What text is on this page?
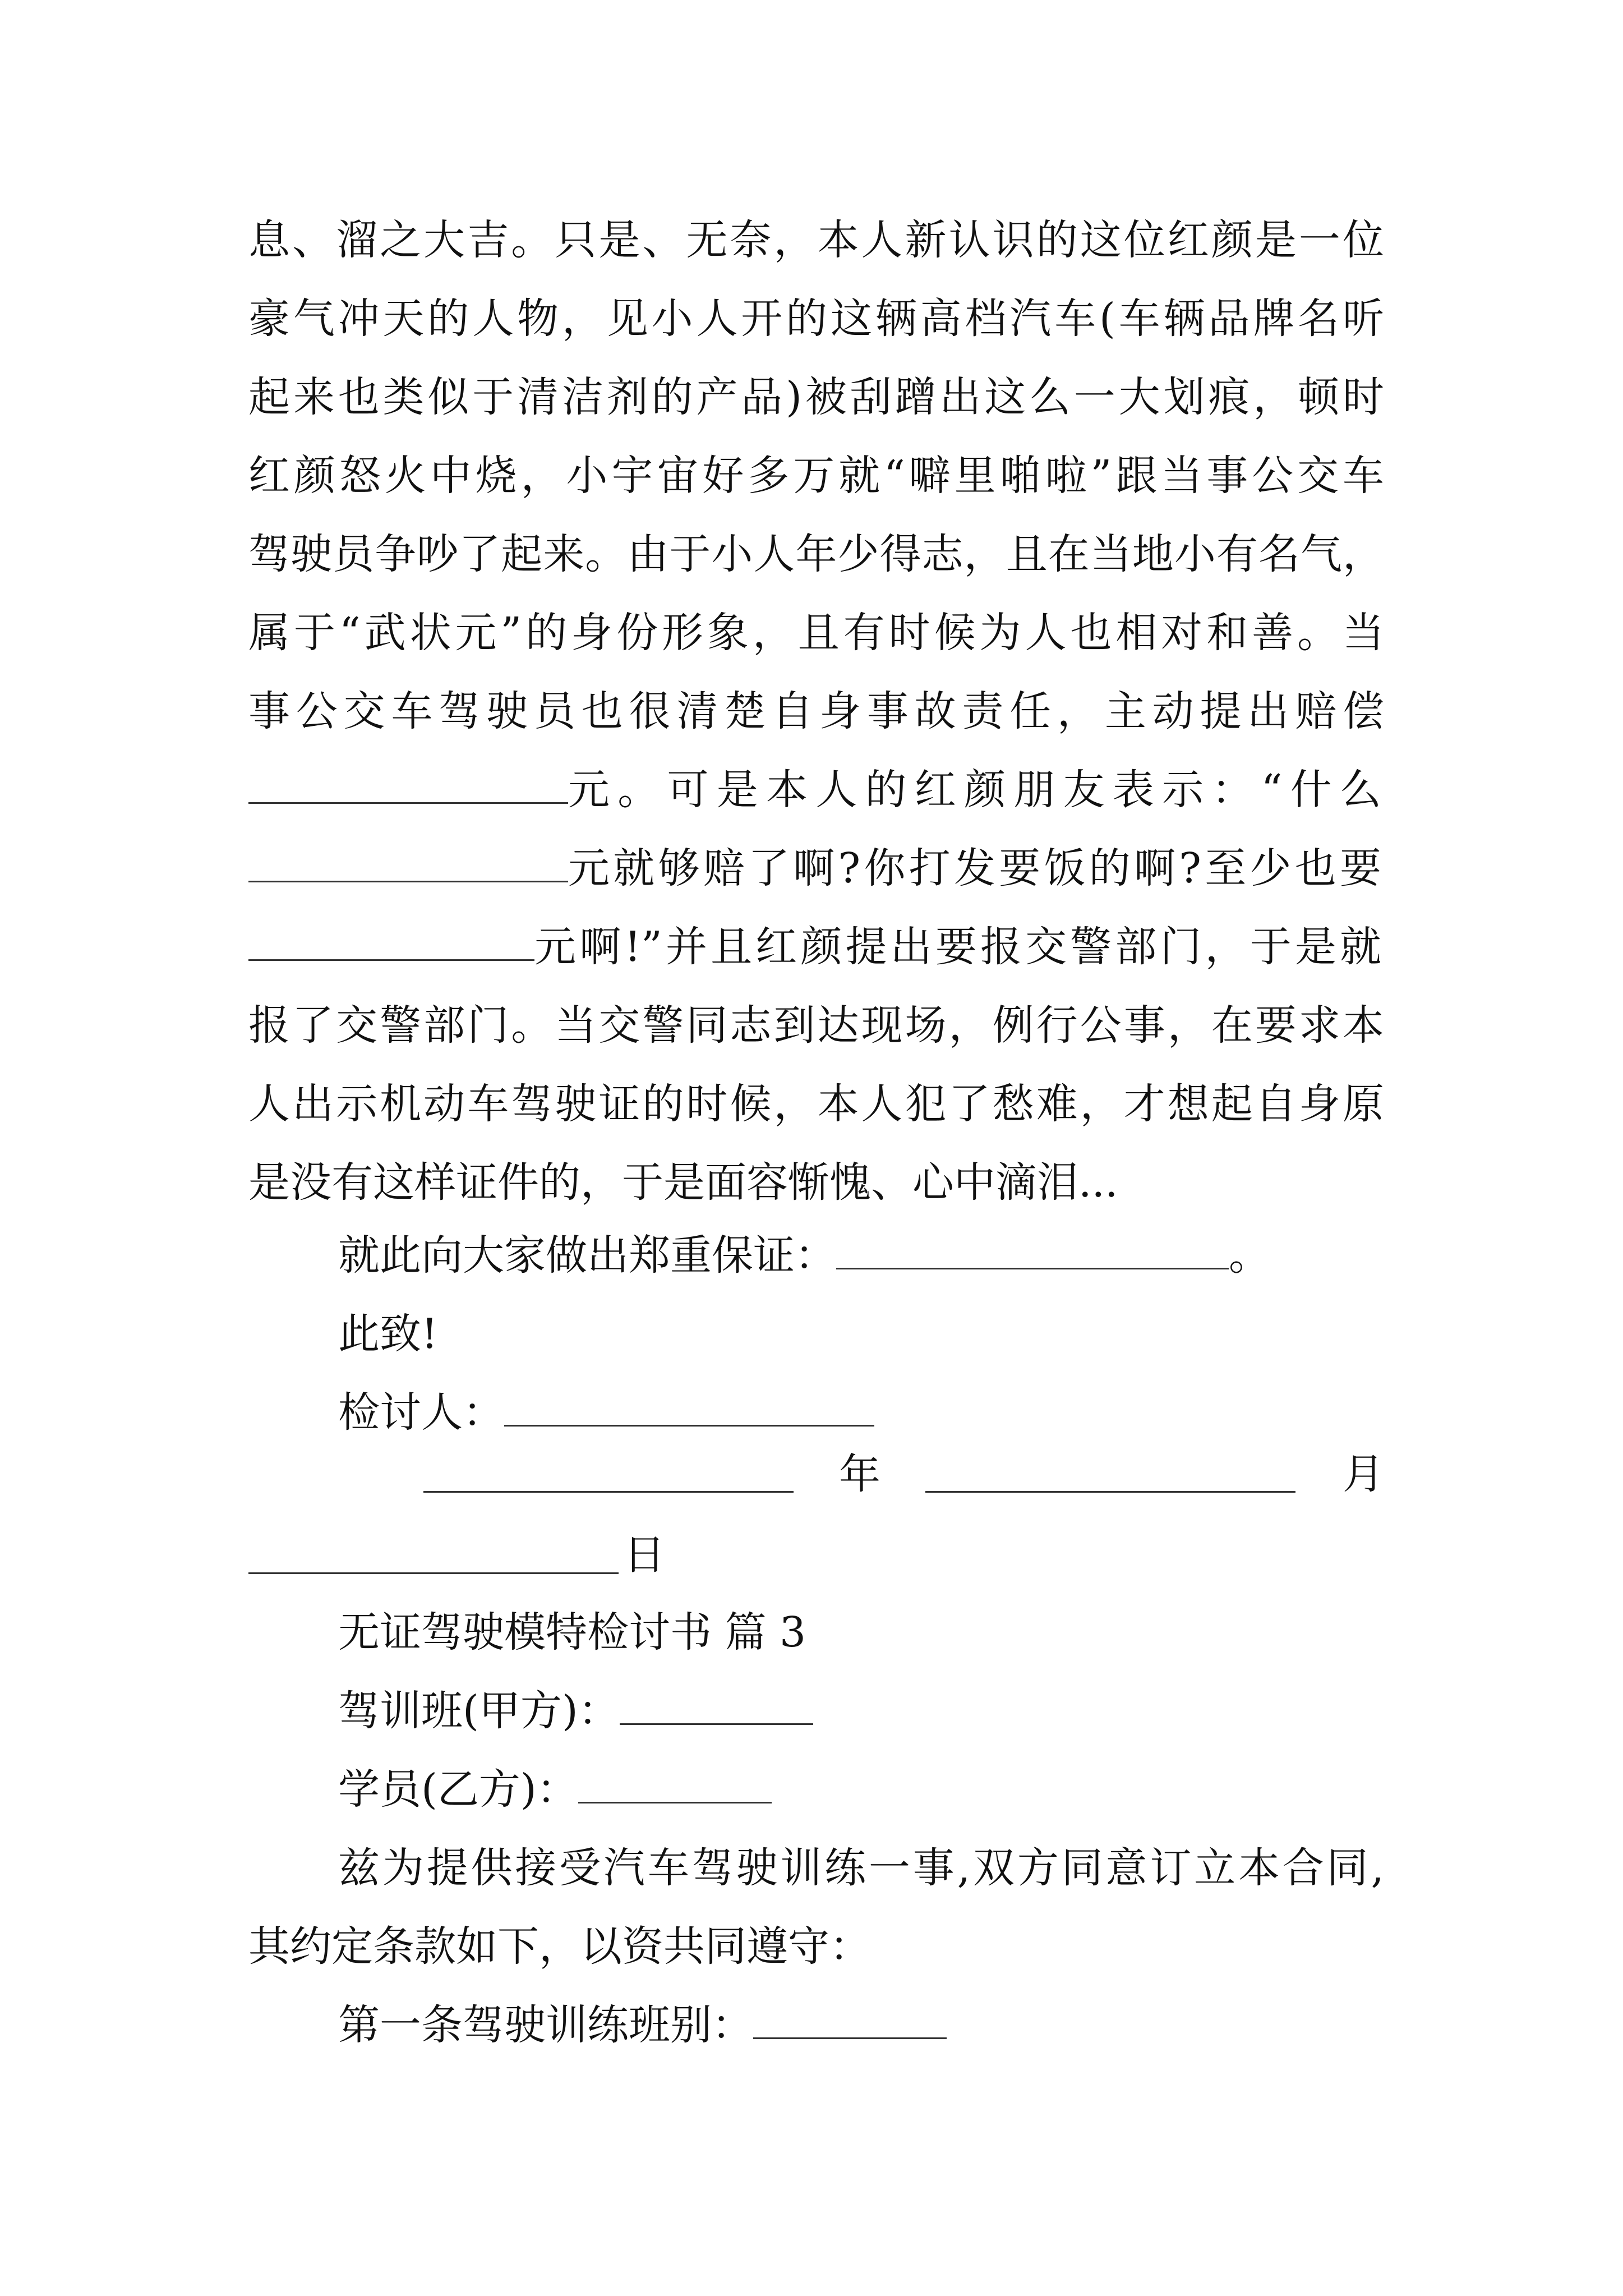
息、溜之大吉。只是、无奈，本人新认识的这位红颜是一位
豪气冲天的人物，见小人开的这辆高档汽车(车辆品牌名听
起来也类似于清洁剂的产品)被刮蹭出这么一大划痕，顿时
红颜怒火中烧，小宇宙好多万就“噼里啪啦”跟当事公交车
驾驶员争吵了起来。由于小人年少得志，且在当地小有名气，
属于“武状元”的身份形象，且有时候为人也相对和善。当
事公交车驾驶员也很清楚自身事故责任，主动提出赔偿
元。可是本人的红颜朋友表示：“什么
元就够赔了啊?你打发要饭的啊?至少也要
元啊!”并且红颜提出要报交警部门，于是就
报了交警部门。当交警同志到达现场，例行公事，在要求本
人出示机动车驾驶证的时候，本人犯了愁难，才想起自身原
是没有这样证件的，于是面容惭愧、心中滴泪...
就此向大家做出郑重保证：	。
此致!
检讨人：
年	月
日
无证驾驶模特检讨书 篇 3
驾训班(甲方)：
学员(乙方)：
兹为提供接受汽车驾驶训练一事,双方同意订立本合同,
其约定条款如下，以资共同遵守：
第一条驾驶训练班别：
